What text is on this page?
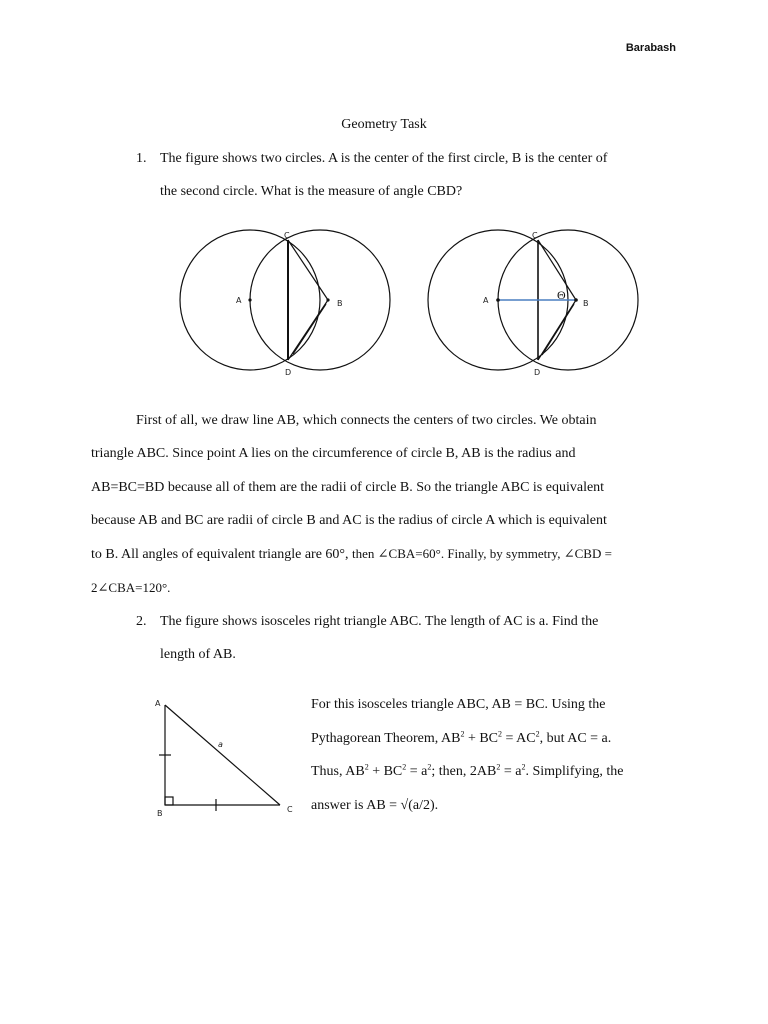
Barabash
Geometry Task
1. The figure shows two circles. A is the center of the first circle, B is the center of
the second circle. What is the measure of angle CBD?
A	B
C
D
A	B
C
D
Θ
First of all, we draw line AB, which connects the centers of two circles. We obtain
triangle ABC. Since point A lies on the circumference of circle B, AB is the radius and
AB=BC=BD because all of them are the radii of circle B. So the triangle ABC is equivalent
because AB and BC are radii of circle B and AC is the radius of circle A which is equivalent
to B. All angles of equivalent triangle are 60°, then ∠CBA=60°. Finally, by symmetry, ∠CBD =
2∠CBA=120°.
2. The figure shows isosceles right triangle ABC. The length of AC is a. Find the
length of AB.
A
B	C
a
For this isosceles triangle ABC, AB = BC. Using the
Pythagorean Theorem, $AB^2 + BC^2 = AC^2$, but AC = a.
Thus, $AB^2 + BC^2 = a^2$; then, $2AB^2 = a^2$. Simplifying, the
answer is AB = √(a/2).
